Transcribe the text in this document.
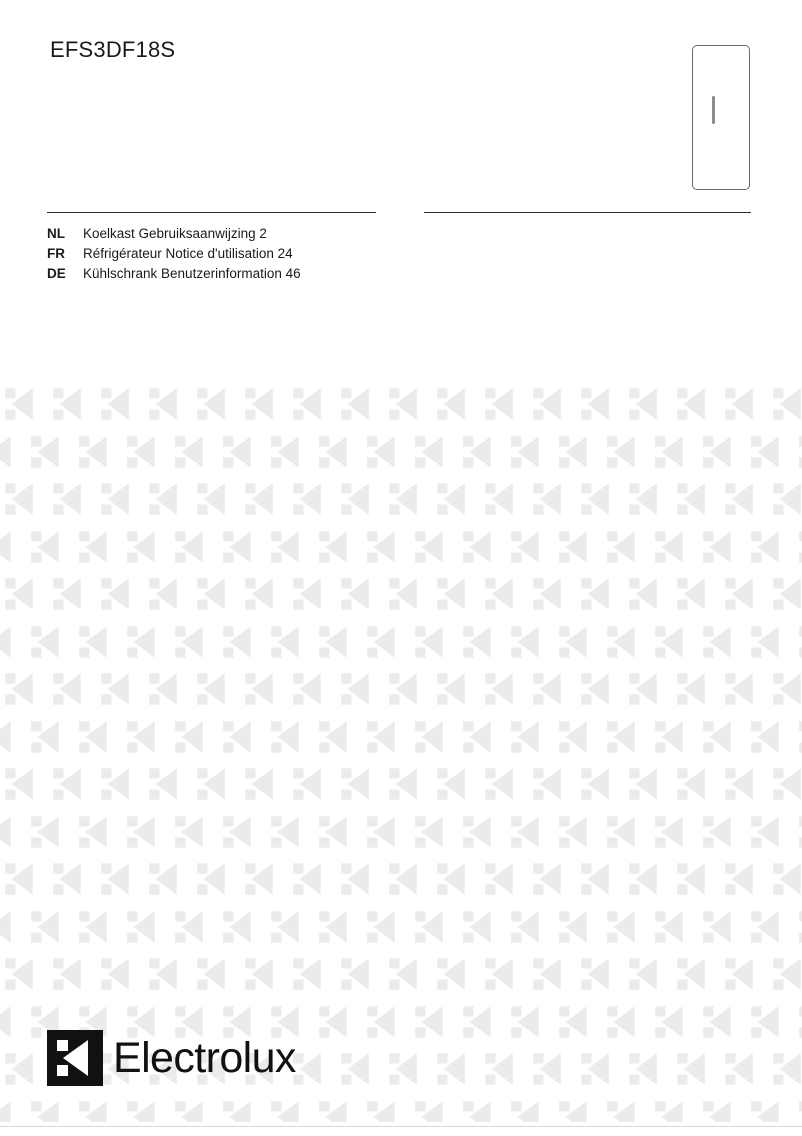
EFS3DF18S
NL	Koelkast Gebruiksaanwijzing 2
FR	Réfrigérateur Notice d'utilisation 24
DE	Kühlschrank Benutzerinformation 46
Electrolux
